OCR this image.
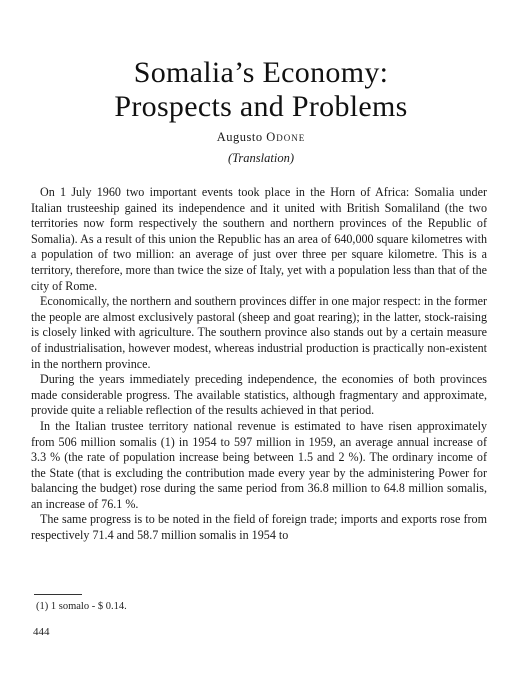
Somalia’s Economy:
Prospects and Problems
Augusto Odone
(Translation)

On 1 July 1960 two important events took place in the Horn of Africa: Somalia under Italian trusteeship gained its independence and it united with British Somaliland (the two territories now form respectively the southern and northern provinces of the Republic of Somalia). As a result of this union the Republic has an area of 640,000 square kilometres with a population of two million: an average of just over three per square kilometre. This is a territory, therefore, more than twice the size of Italy, yet with a population less than that of the city of Rome.

Economically, the northern and southern provinces differ in one major respect: in the former the people are almost exclusively pastoral (sheep and goat rearing); in the latter, stock-raising is closely linked with agriculture. The southern province also stands out by a certain measure of industrialisation, however modest, whereas industrial production is practically non-existent in the northern province.

During the years immediately preceding independence, the economies of both provinces made considerable progress. The available statistics, although fragmentary and approximate, provide quite a reliable reflection of the results achieved in that period.

In the Italian trustee territory national revenue is estimated to have risen approximately from 506 million somalis (1) in 1954 to 597 million in 1959, an average annual increase of 3.3 % (the rate of population increase being between 1.5 and 2 %). The ordinary income of the State (that is excluding the contribution made every year by the administering Power for balancing the budget) rose during the same period from 36.8 million to 64.8 million somalis, an increase of 76.1 %.

The same progress is to be noted in the field of foreign trade; imports and exports rose from respectively 71.4 and 58.7 million somalis in 1954 to

(1) 1 somalo - $ 0.14.
444
